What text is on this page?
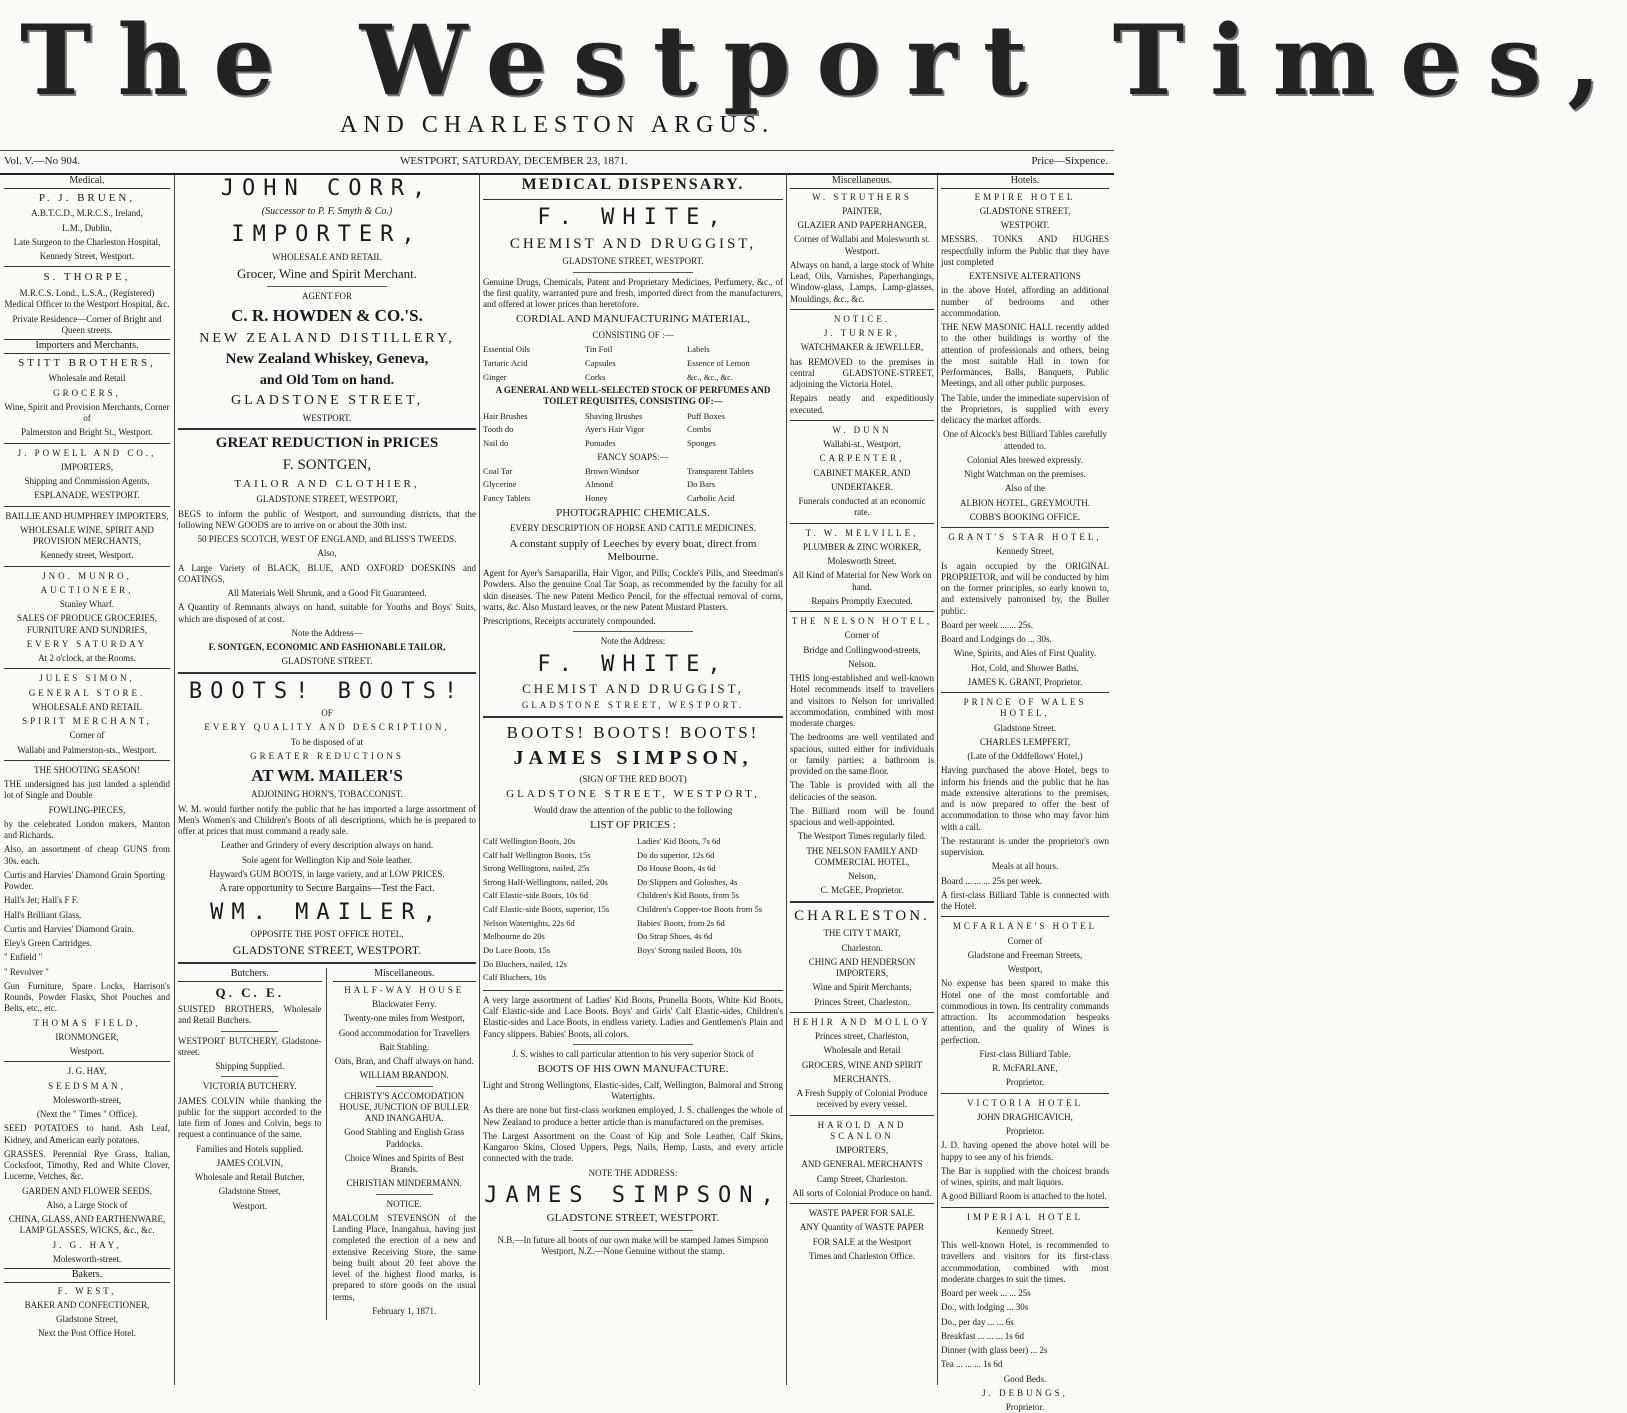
The Westport Times,
AND CHARLESTON ARGUS.
Vol. V.—No 904.	WESTPORT, SATURDAY, DECEMBER 23, 1871.	Price—Sixpence.
Medical.

P. J. BRUEN,

A.B.T.C.D., M.R.C.S., Ireland,

L.M., Dublin,

Late Surgeon to the Charleston Hospital,

Kennedy Street, Westport.

S. THORPE,

M.R.C.S. Lond., L.S.A., (Registered) Medical Officer to the Westport Hospital, &c.

Private Residence—Corner of Bright and Queen streets.

Importers and Merchants.

STITT BROTHERS,

Wholesale and Retail

GROCERS,

Wine, Spirit and Provision Merchants, Corner of

Palmerston and Bright St., Westport.

J. POWELL AND CO.,

IMPORTERS,

Shipping and Commission Agents,

ESPLANADE, WESTPORT.

BAILLIE AND HUMPHREY IMPORTERS,

WHOLESALE WINE, SPIRIT AND PROVISION MERCHANTS,

Kennedy street, Westport.

JNO. MUNRO,

AUCTIONEER,

Stanley Wharf.

SALES OF PRODUCE GROCERIES, FURNITURE AND SUNDRIES,

EVERY SATURDAY

At 2 o'clock, at the Rooms.

JULES SIMON,

GENERAL STORE.

WHOLESALE AND RETAIL

SPIRIT MERCHANT,

Corner of

Wallabi and Palmerston-sts., Westport.

THE SHOOTING SEASON!

THE undersigned has just landed a splendid lot of Single and Double

FOWLING-PIECES,

by the celebrated London makers, Manton and Richards.

Also, an assortment of cheap GUNS from 30s. each.

Curtis and Harvies' Diamond Grain Sporting Powder.

Hall's Jet; Hall's F F.

Hall's Brilliant Glass.

Curtis and Harvies' Diamond Grain.

Eley's Green Cartridges.

" Enfield "

" Revolver "

Gun Furniture, Spare Locks, Harrison's Rounds, Powder Flasks, Shot Pouches and Belts, etc., etc.

THOMAS FIELD,

IRONMONGER,

Westport.

J. G. HAY,

SEEDSMAN,

Molesworth-street,

(Next the " Times " Office).

SEED POTATOES to hand. Ash Leaf, Kidney, and American early potatoes.

GRASSES. Perennial Rye Grass, Italian, Cocksfoot, Timothy, Red and White Clover, Lucerne, Vetches, &c.

GARDEN AND FLOWER SEEDS.

Also, a Large Stock of

CHINA, GLASS, AND EARTHENWARE, LAMP GLASSES, WICKS, &c., &c.

J. G. HAY,

Molesworth-street.

Bakers.

F. WEST,

BAKER AND CONFECTIONER,

Gladstone Street,

Next the Post Office Hotel.

JOHN CORR,

(Successor to P. F. Smyth & Co.)

IMPORTER,

WHOLESALE AND RETAIL

Grocer, Wine and Spirit Merchant.

AGENT FOR

C. R. HOWDEN & CO.'S.

NEW ZEALAND DISTILLERY,

New Zealand Whiskey, Geneva,

and Old Tom on hand.

GLADSTONE STREET,

WESTPORT.

GREAT REDUCTION in PRICES

F. SONTGEN,

TAILOR AND CLOTHIER,

GLADSTONE STREET, WESTPORT,

BEGS to inform the public of Westport, and surrounding districts, that the following NEW GOODS are to arrive on or about the 30th inst.

50 PIECES SCOTCH, WEST OF ENGLAND, and BLISS'S TWEEDS.

Also,

A Large Variety of BLACK, BLUE, AND OXFORD DOESKINS and COATINGS,

All Materials Well Shrunk, and a Good Fit Guaranteed.

A Quantity of Remnants always on hand, suitable for Youths and Boys' Suits, which are disposed of at cost.

Note the Address—

F. SONTGEN, ECONOMIC AND FASHIONABLE TAILOR,

GLADSTONE STREET.

BOOTS! BOOTS!

OF

EVERY QUALITY AND DESCRIPTION,

To be disposed of at

GREATER REDUCTIONS

AT WM. MAILER'S

ADJOINING HORN'S, TOBACCONIST.

W. M. would further notify the public that he has imported a large assortment of Men's Women's and Children's Boots of all descriptions, which he is prepared to offer at prices that must command a ready sale.

Leather and Grindery of every description always on hand.

Sole agent for Wellington Kip and Sole leather.

Hayward's GUM BOOTS, in large variety, and at LOW PRICES.

A rare opportunity to Secure Bargains—Test the Fact.

WM. MAILER,

OPPOSITE THE POST OFFICE HOTEL,

GLADSTONE STREET, WESTPORT.

Butchers.

Q. C. E.

SUISTED BROTHERS, Wholesale and Retail Butchers.

WESTPORT BUTCHERY, Gladstone-street.

Shipping Supplied.

VICTORIA BUTCHERY.

JAMES COLVIN while thanking the public for the support accorded to the late firm of Jones and Colvin, begs to request a continuance of the same.

Families and Hotels supplied.

JAMES COLVIN,

Wholesale and Retail Butcher,

Gladstone Street,

Westport.

Miscellaneous.

HALF-WAY HOUSE

Blackwater Ferry.

Twenty-one miles from Westport,

Good accommodation for Travellers

Bait Stabling.

Oats, Bran, and Chaff always on hand.

WILLIAM BRANDON.

CHRISTY'S ACCOMODATION HOUSE, JUNCTION OF BULLER AND INANGAHUA.

Good Stabling and English Grass Paddocks.

Choice Wines and Spirits of Best Brands.

CHRISTIAN MINDERMANN.

NOTICE.

MALCOLM STEVENSON of the Landing Place, Inangahua, having just completed the erection of a new and extensive Receiving Store, the same being built about 20 feet above the level of the highest flood marks, is prepared to store goods on the usual terms,

February 1, 1871.

MEDICAL DISPENSARY.

F. WHITE,

CHEMIST AND DRUGGIST,

GLADSTONE STREET, WESTPORT.

Genuine Drugs, Chemicals, Patent and Proprietary Medicines, Perfumery, &c., of the first quality, warranted pure and fresh, imported direct from the manufacturers, and offered at lower prices than heretofore.

CORDIAL AND MANUFACTURING MATERIAL,

CONSISTING OF :—

Essential Oils

Tartaric Acid

Ginger

Tin Foil

Capsules

Corks

Labels

Essence of Lemon

&c., &c., &c.

A GENERAL AND WELL-SELECTED STOCK OF PERFUMES AND TOILET REQUISITES, CONSISTING OF:—

Hair Brushes

Tooth do

Nail do

Shaving Brushes

Ayer's Hair Vigor

Pomades

Puff Boxes

Combs

Sponges

FANCY SOAPS:—

Coal Tar

Glycerine

Fancy Tablets

Brown Windsor

Almond

Honey

Transparent Tablets

Do Bars

Carbolic Acid

PHOTOGRAPHIC CHEMICALS.

EVERY DESCRIPTION OF HORSE AND CATTLE MEDICINES.

A constant supply of Leeches by every boat, direct from Melbourne.

Agent for Ayer's Sarsaparilla, Hair Vigor, and Pills; Cockle's Pills, and Steedman's Powders. Also the genuine Coal Tar Soap, as recommended by the faculty for all skin diseases. The new Patent Medico Pencil, for the effectual removal of corns, warts, &c. Also Mustard leaves, or the new Patent Mustard Plasters.

Prescriptions, Receipts accurately compounded.

Note the Address:

F. WHITE,

CHEMIST AND DRUGGIST,

GLADSTONE STREET, WESTPORT.

BOOTS! BOOTS! BOOTS!

JAMES SIMPSON,

(SIGN OF THE RED BOOT)

GLADSTONE STREET, WESTPORT,

Would draw the attention of the public to the following

LIST OF PRICES :

Calf Wellington Boots, 20s

Calf half Wellington Boots, 15s

Strong Wellingtons, nailed, 25s

Strong Half-Wellingtons, nailed, 20s

Calf Elastic-side Boots, 10s 6d

Calf Elastic-side Boots, superior, 15s

Nelson Watertights, 22s 6d

Melbourne do 20s

Do Lace Boots, 15s

Do Bluchers, nailed, 12s

Calf Bluchers, 10s

Ladies' Kid Boots, 7s 6d

Do do superior, 12s 6d

Do House Boots, 4s 6d

Do Slippers and Goloshes, 4s

Children's Kid Boots, from 5s

Children's Copper-toe Boots from 5s

Babies' Boots, from 2s 6d

Do Strap Shoes, 4s 6d

Boys' Strong nailed Boots, 10s

A very large assortment of Ladies' Kid Boots, Prunella Boots, White Kid Boots, Calf Elastic-side and Lace Boots. Boys' and Girls' Calf Elastic-sides, Children's Elastic-sides and Lace Boots, in endless variety. Ladies and Gentlemen's Plain and Fancy slippers. Babies' Boots, all colors.

J. S. wishes to call particular attention to his very superior Stock of

BOOTS OF HIS OWN MANUFACTURE.

Light and Strong Wellingtons, Elastic-sides, Calf, Wellington, Balmoral and Strong Watertights.

As there are none but first-class workmen employed, J. S. challenges the whole of New Zealand to produce a better article than is manufactured on the premises.

The Largest Assortment on the Coast of Kip and Sole Leather, Calf Skins, Kangaroo Skins, Closed Uppers, Pegs, Nails, Hemp, Lasts, and every article connected with the trade.

NOTE THE ADDRESS:

JAMES SIMPSON,

GLADSTONE STREET, WESTPORT.

N.B.—In future all boots of our own make will be stamped James Simpson Westport, N.Z.—None Genuine without the stamp.

Miscellaneous.

W. STRUTHERS

PAINTER,

GLAZIER AND PAPERHANGER,

Corner of Wallabi and Molesworth st. Westport.

Always on hand, a large stock of White Lead, Oils, Varnishes, Paperhangings, Window-glass, Lamps, Lamp-glasses, Mouldings, &c., &c.

NOTICE.

J. TURNER,

WATCHMAKER & JEWELLER,

has REMOVED to the premises in central GLADSTONE-STREET, adjoining the Victoria Hotel.

Repairs neatly and expeditiously executed.

W. DUNN

Wallabi-st., Westport,

CARPENTER,

CABINET MAKER, AND

UNDERTAKER.

Funerals conducted at an economic rate.

T. W. MELVILLE,

PLUMBER & ZINC WORKER,

Molesworth Street.

All Kind of Material for New Work on hand.

Repairs Promptly Executed.

THE NELSON HOTEL,

Corner of

Bridge and Collingwood-streets,

Nelson.

THIS long-established and well-known Hotel recommends itself to travellers and visitors to Nelson for unrivalled accommodation, combined with most moderate charges.

The bedrooms are well ventilated and spacious, suited either for individuals or family parties; a bathroom is provided on the same floor.

The Table is provided with all the delicacies of the season.

The Billiard room will be found spacious and well-appointed.

The Westport Times regularly filed.

THE NELSON FAMILY AND COMMERCIAL HOTEL,

Nelson,

C. McGEE, Proprietor.

CHARLESTON.

THE CITY T MART,

Charleston.

CHING AND HENDERSON IMPORTERS,

Wine and Spirit Merchants,

Princes Street, Charleston.

HEHIR AND MOLLOY

Princes street, Charleston,

Wholesale and Retail

GROCERS, WINE AND SPIRIT

MERCHANTS.

A Fresh Supply of Colonial Produce received by every vessel.

HAROLD AND SCANLON

IMPORTERS,

AND GENERAL MERCHANTS

Camp Street, Charleston.

All sorts of Colonial Produce on hand.

WASTE PAPER FOR SALE.

ANY Quantity of WASTE PAPER

FOR SALE at the Westport

Times and Charleston Office.

Hotels.

EMPIRE HOTEL

GLADSTONE STREET,

WESTPORT.

MESSRS. TONKS AND HUGHES respectfully inform the Public that they have just completed

EXTENSIVE ALTERATIONS

in the above Hotel, affording an additional number of bedrooms and other accommodation.

THE NEW MASONIC HALL recently added to the other buildings is worthy of the attention of professionals and others, being the most suitable Hall in town for Performances, Balls, Banquets, Public Meetings, and all other public purposes.

The Table, under the immediate supervision of the Proprietors, is supplied with every delicacy the market affords.

One of Alcock's best Billiard Tables carefully attended to.

Colonial Ales brewed expressly.

Night Watchman on the premises.

Also of the

ALBION HOTEL, GREYMOUTH.

COBB'S BOOKING OFFICE.

GRANT'S STAR HOTEL,

Kennedy Street,

Is again occupied by the ORIGINAL PROPRIETOR, and will be conducted by him on the former principles, so early known to, and extensively patronised by, the Buller public.

Board per week ... ... 25s.

Board and Lodgings do ... 30s.

Wine, Spirits, and Ales of First Quality.

Hot, Cold, and Shower Baths.

JAMES K. GRANT, Proprietor.

PRINCE OF WALES HOTEL,

Gladstone Street.

CHARLES LEMPFERT,

(Late of the Oddfellows' Hotel,)

Having purchased the above Hotel, begs to inform his friends and the public that he has made extensive alterations to the premises, and is now prepared to offer the best of accommodation to those who may favor him with a call.

The restaurant is under the proprietor's own supervision.

Meals at all hours.

Board ... ... ... 25s per week.

A first-class Billiard Table is connected with the Hotel.

MCFARLANE'S HOTEL

Corner of

Gladstone and Freeman Streets,

Westport,

No expense has been spared to make this Hotel one of the most comfortable and commodious in town. Its centrality commands attraction. Its accommodation bespeaks attention, and the quality of Wines is perfection.

First-class Billiard Table.

R. McFARLANE,

Proprietor.

VICTORIA HOTEL

JOHN DRAGHICAVICH,

Proprietor.

J. D. having opened the above hotel will be happy to see any of his friends.

The Bar is supplied with the choicest brands of wines, spirits, and malt liquors.

A good Billiard Room is attached to the hotel.

IMPERIAL HOTEL

Kennedy Street.

This well-known Hotel, is recommended to travellers and visitors for its first-class accommodation, combined with most moderate charges to suit the times.

Board per week ... ... 25s

Do., with lodging ... 30s

Do., per day ... ... 6s

Breakfast ... ... ... 1s 6d

Dinner (with glass beer) ... 2s

Tea ... ... ... 1s 6d

Good Beds.

J. DEBUNGS,

Proprietor.
